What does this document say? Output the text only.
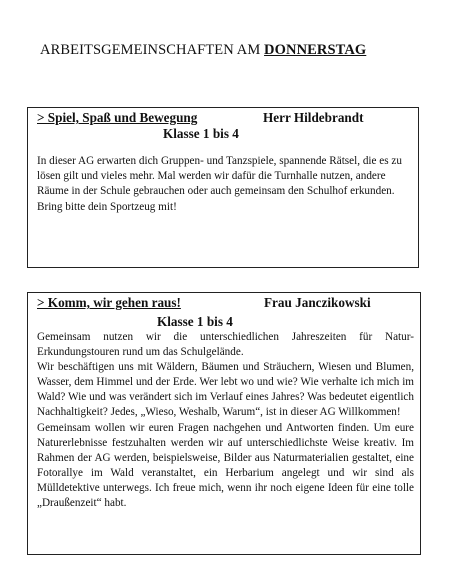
ARBEITSGEMEINSCHAFTEN AM DONNERSTAG
> Spiel, Spaß und Bewegung	Herr Hildebrandt
Klasse 1 bis 4

In dieser AG erwarten dich Gruppen- und Tanzspiele, spannende Rätsel, die es zu lösen gilt und vieles mehr. Mal werden wir dafür die Turnhalle nutzen, andere Räume in der Schule gebrauchen oder auch gemeinsam den Schulhof erkunden.

Bring bitte dein Sportzeug mit!

> Komm, wir gehen raus!	Frau Janczikowski
Klasse 1 bis 4

Gemeinsam nutzen wir die unterschiedlichen Jahreszeiten für Natur-Erkundungstouren rund um das Schulgelände.

Wir beschäftigen uns mit Wäldern, Bäumen und Sträuchern, Wiesen und Blumen, Wasser, dem Himmel und der Erde. Wer lebt wo und wie? Wie verhalte ich mich im Wald? Wie und was verändert sich im Verlauf eines Jahres? Was bedeutet eigentlich Nachhaltigkeit? Jedes, „Wieso, Weshalb, Warum“, ist in dieser AG Willkommen!

Gemeinsam wollen wir euren Fragen nachgehen und Antworten finden. Um eure Naturerlebnisse festzuhalten werden wir auf unterschiedlichste Weise kreativ. Im Rahmen der AG werden, beispielsweise, Bilder aus Naturmaterialien gestaltet, eine Fotorallye im Wald veranstaltet, ein Herbarium angelegt und wir sind als Mülldetektive unterwegs. Ich freue mich, wenn ihr noch eigene Ideen für eine tolle „Draußenzeit“ habt.
